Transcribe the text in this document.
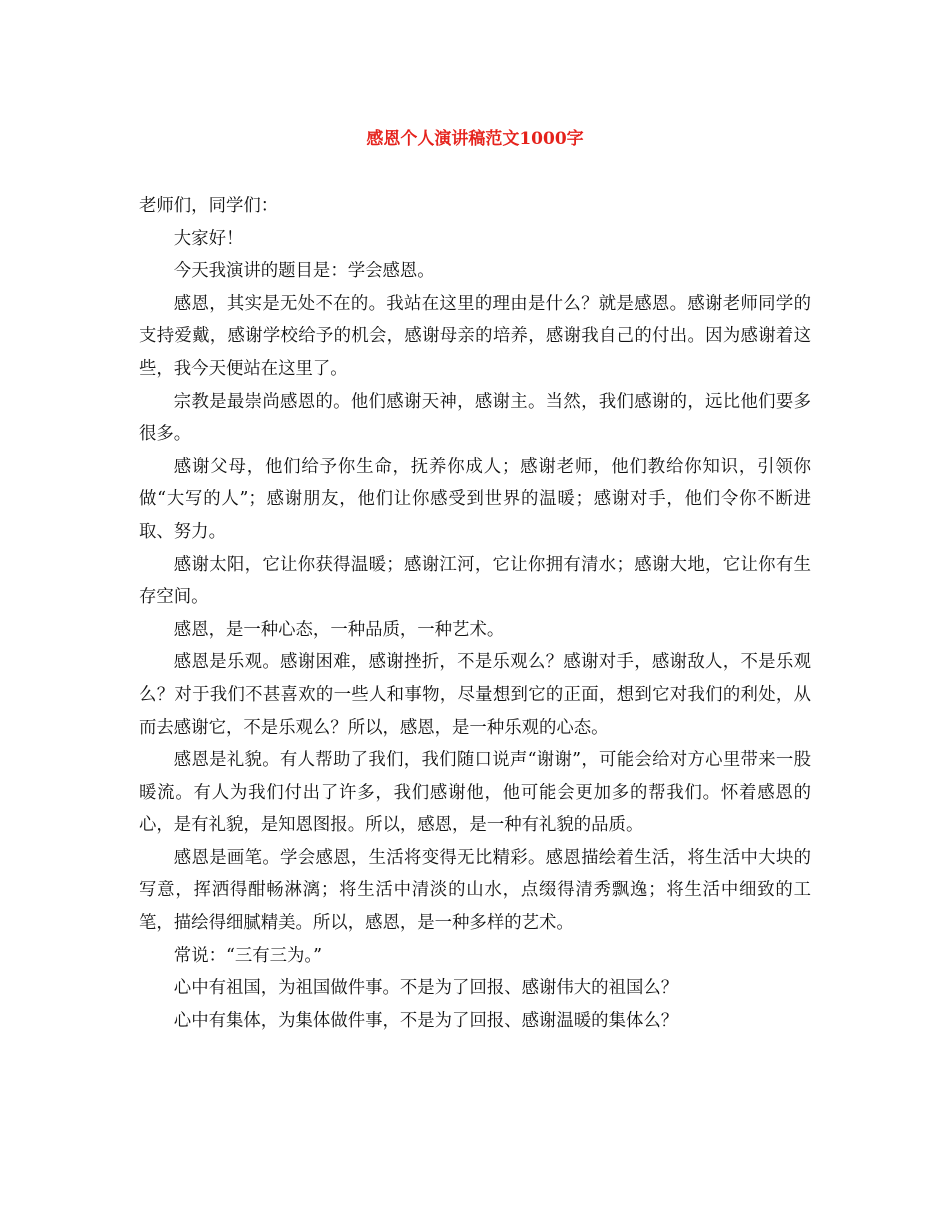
感恩个人演讲稿范文1000字

老师们，同学们：

大家好！

今天我演讲的题目是：学会感恩。

感恩，其实是无处不在的。我站在这里的理由是什么？就是感恩。感谢老师同学的支持爱戴，感谢学校给予的机会，感谢母亲的培养，感谢我自己的付出。因为感谢着这些，我今天便站在这里了。

宗教是最崇尚感恩的。他们感谢天神，感谢主。当然，我们感谢的，远比他们要多很多。

感谢父母，他们给予你生命，抚养你成人；感谢老师，他们教给你知识，引领你做“大写的人”；感谢朋友，他们让你感受到世界的温暖；感谢对手，他们令你不断进取、努力。

感谢太阳，它让你获得温暖；感谢江河，它让你拥有清水；感谢大地，它让你有生存空间。

感恩，是一种心态，一种品质，一种艺术。

感恩是乐观。感谢困难，感谢挫折，不是乐观么？感谢对手，感谢敌人，不是乐观么？对于我们不甚喜欢的一些人和事物，尽量想到它的正面，想到它对我们的利处，从而去感谢它，不是乐观么？所以，感恩，是一种乐观的心态。

感恩是礼貌。有人帮助了我们，我们随口说声“谢谢”，可能会给对方心里带来一股暖流。有人为我们付出了许多，我们感谢他，他可能会更加多的帮我们。怀着感恩的心，是有礼貌，是知恩图报。所以，感恩，是一种有礼貌的品质。

感恩是画笔。学会感恩，生活将变得无比精彩。感恩描绘着生活，将生活中大块的写意，挥洒得酣畅淋漓；将生活中清淡的山水，点缀得清秀飘逸；将生活中细致的工笔，描绘得细腻精美。所以，感恩，是一种多样的艺术。

常说：“三有三为。”

心中有祖国，为祖国做件事。不是为了回报、感谢伟大的祖国么？

心中有集体，为集体做件事，不是为了回报、感谢温暖的集体么？
